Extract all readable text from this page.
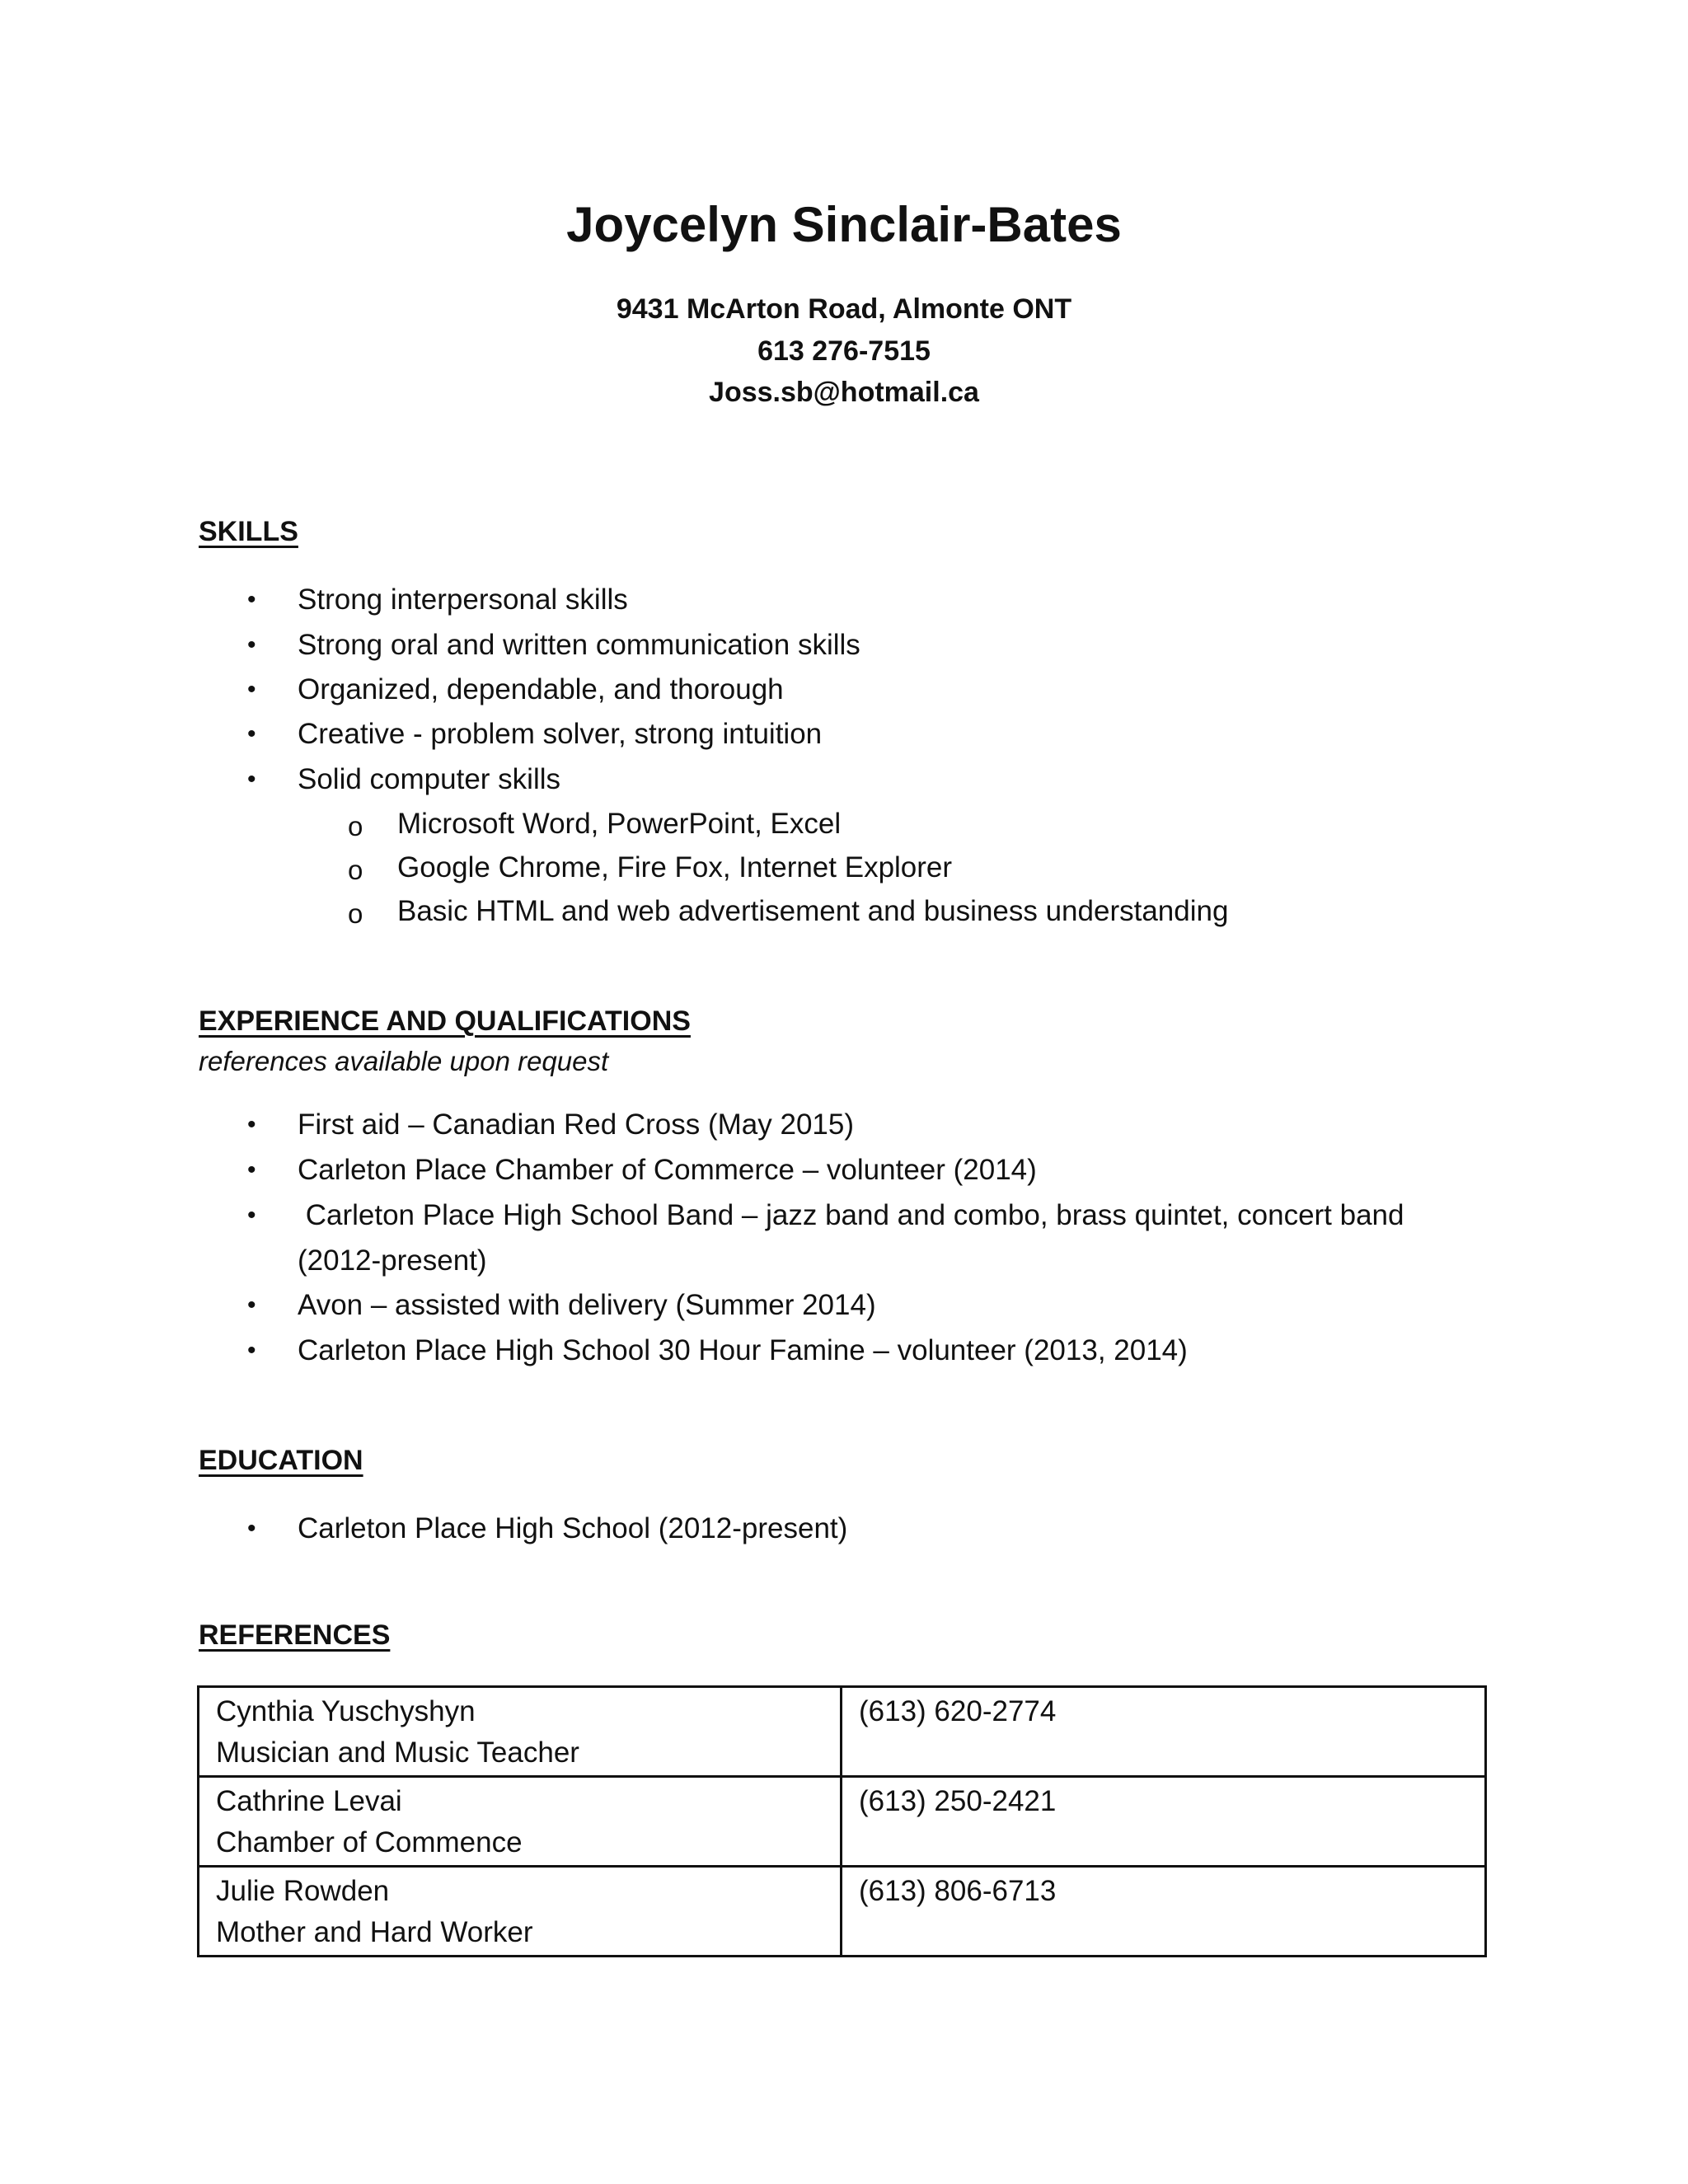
Joycelyn Sinclair-Bates
9431 McArton Road, Almonte ONT
613 276-7515
Joss.sb@hotmail.ca
SKILLS
• Strong interpersonal skills
• Strong oral and written communication skills
• Organized, dependable, and thorough
• Creative - problem solver, strong intuition
• Solid computer skills
o Microsoft Word, PowerPoint, Excel
o Google Chrome, Fire Fox, Internet Explorer
o Basic HTML and web advertisement and business understanding
EXPERIENCE AND QUALIFICATIONS
references available upon request
• First aid – Canadian Red Cross (May 2015)
• Carleton Place Chamber of Commerce – volunteer (2014)
• Carleton Place High School Band – jazz band and combo, brass quintet, concert band
(2012-present)
• Avon – assisted with delivery (Summer 2014)
• Carleton Place High School 30 Hour Famine – volunteer (2013, 2014)
EDUCATION
• Carleton Place High School (2012-present)
REFERENCES
Cynthia Yuschyshyn
Musician and Music Teacher	(613) 620-2774

Cathrine Levai
Chamber of Commence	(613) 250-2421

Julie Rowden
Mother and Hard Worker	(613) 806-6713
